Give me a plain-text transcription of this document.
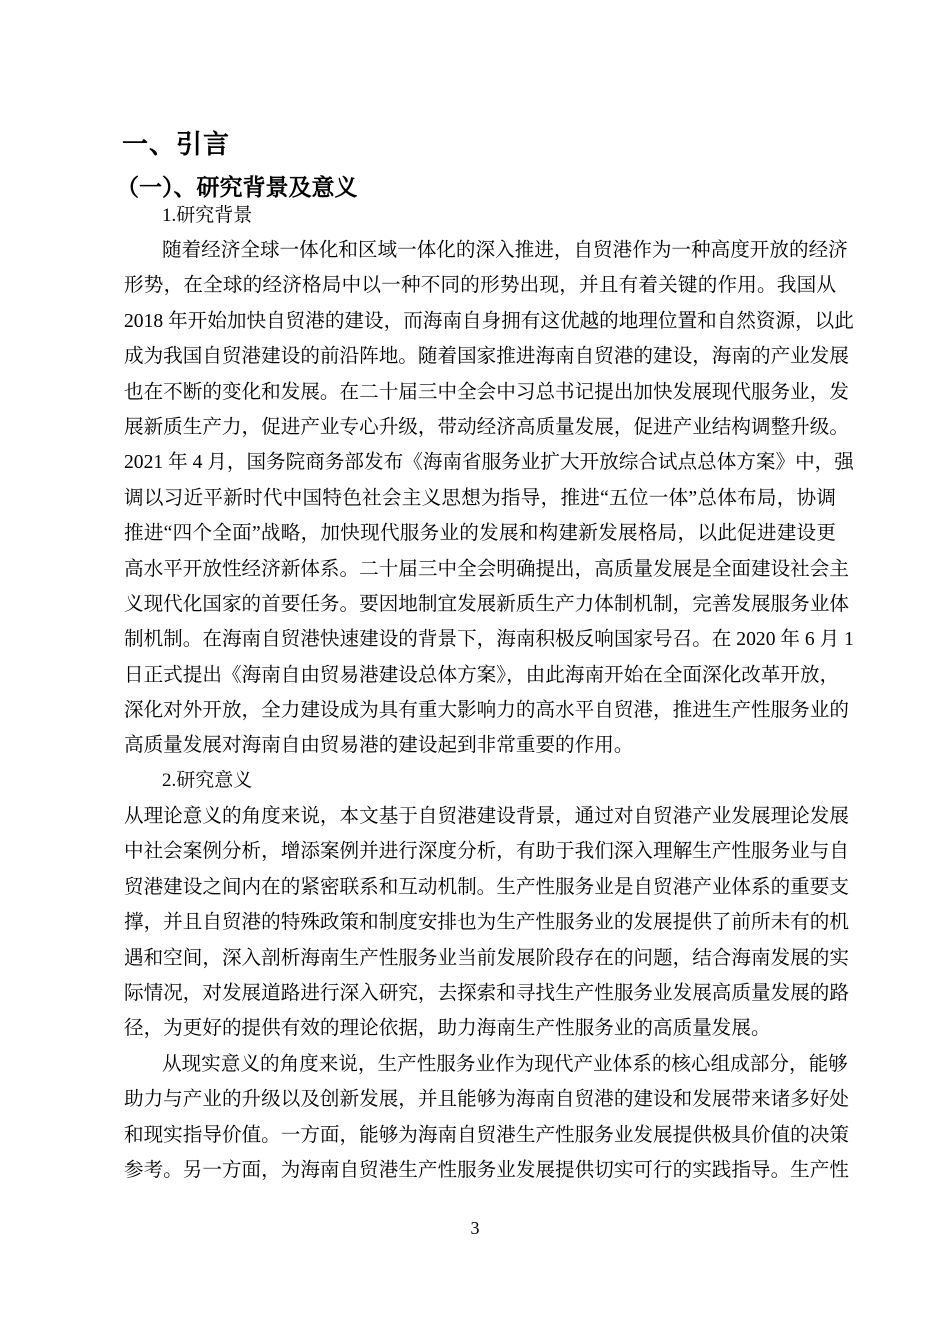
一、引言
（一）、研究背景及意义
1.研究背景
随着经济全球一体化和区域一体化的深入推进，自贸港作为一种高度开放的经济
形势，在全球的经济格局中以一种不同的形势出现，并且有着关键的作用。我国从
2018 年开始加快自贸港的建设，而海南自身拥有这优越的地理位置和自然资源，以此
成为我国自贸港建设的前沿阵地。随着国家推进海南自贸港的建设，海南的产业发展
也在不断的变化和发展。在二十届三中全会中习总书记提出加快发展现代服务业，发
展新质生产力，促进产业专心升级，带动经济高质量发展，促进产业结构调整升级。
2021 年 4 月，国务院商务部发布《海南省服务业扩大开放综合试点总体方案》中，强
调以习近平新时代中国特色社会主义思想为指导，推进“五位一体”总体布局，协调
推进“四个全面”战略，加快现代服务业的发展和构建新发展格局，以此促进建设更
高水平开放性经济新体系。二十届三中全会明确提出，高质量发展是全面建设社会主
义现代化国家的首要任务。要因地制宜发展新质生产力体制机制，完善发展服务业体
制机制。在海南自贸港快速建设的背景下，海南积极反响国家号召。在 2020 年 6 月 1
日正式提出《海南自由贸易港建设总体方案》，由此海南开始在全面深化改革开放，
深化对外开放，全力建设成为具有重大影响力的高水平自贸港，推进生产性服务业的
高质量发展对海南自由贸易港的建设起到非常重要的作用。
2.研究意义
从理论意义的角度来说，本文基于自贸港建设背景，通过对自贸港产业发展理论发展
中社会案例分析，增添案例并进行深度分析，有助于我们深入理解生产性服务业与自
贸港建设之间内在的紧密联系和互动机制。生产性服务业是自贸港产业体系的重要支
撑，并且自贸港的特殊政策和制度安排也为生产性服务业的发展提供了前所未有的机
遇和空间，深入剖析海南生产性服务业当前发展阶段存在的问题，结合海南发展的实
际情况，对发展道路进行深入研究，去探索和寻找生产性服务业发展高质量发展的路
径，为更好的提供有效的理论依据，助力海南生产性服务业的高质量发展。
从现实意义的角度来说，生产性服务业作为现代产业体系的核心组成部分，能够
助力与产业的升级以及创新发展，并且能够为海南自贸港的建设和发展带来诸多好处
和现实指导价值。一方面，能够为海南自贸港生产性服务业发展提供极具价值的决策
参考。另一方面，为海南自贸港生产性服务业发展提供切实可行的实践指导。生产性
3
